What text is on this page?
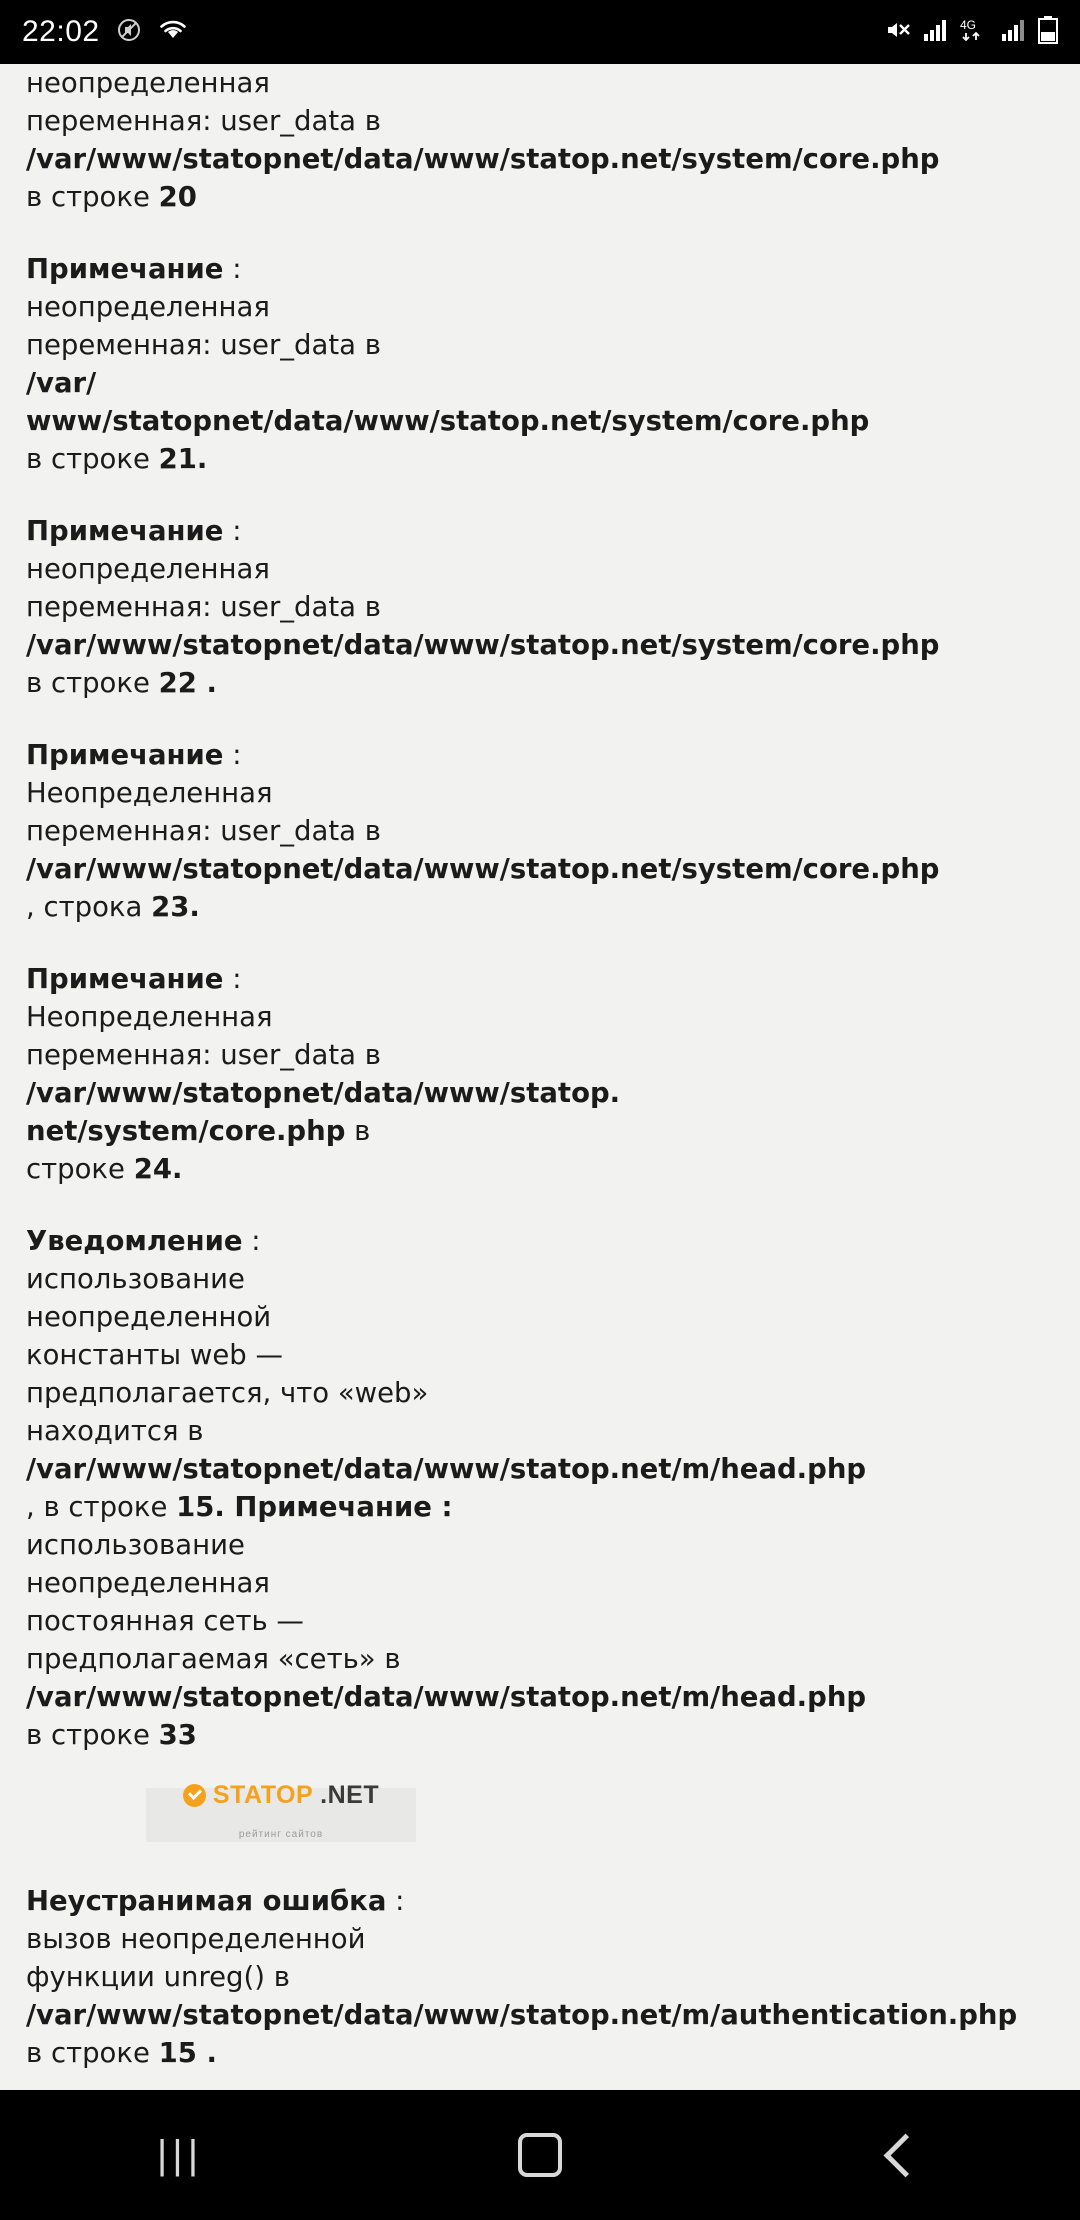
22:02	4G
неопределенная
переменная: user_data в
/var/www/statopnet/data/www/statop.net/system/core.php
в строке 20
Примечание :
неопределенная
переменная: user_data в
/var/
www/statopnet/data/www/statop.net/system/core.php
в строке 21.
Примечание :
неопределенная
переменная: user_data в
/var/www/statopnet/data/www/statop.net/system/core.php
в строке 22 .
Примечание :
Неопределенная
переменная: user_data в
/var/www/statopnet/data/www/statop.net/system/core.php
, строка 23.
Примечание :
Неопределенная
переменная: user_data в
/var/www/statopnet/data/www/statop.
net/system/core.php в
строке 24.
Уведомление :
использование
неопределенной
константы web —
предполагается, что «web»
находится в
/var/www/statopnet/data/www/statop.net/m/head.php
, в строке 15. Примечание :
использование
неопределенная
постоянная сеть —
предполагаемая «сеть» в
/var/www/statopnet/data/www/statop.net/m/head.php
в строке 33
STATOP .NET
рейтинг сайтов
Неустранимая ошибка :
вызов неопределенной
функции unreg() в
/var/www/statopnet/data/www/statop.net/m/authentication.php
в строке 15 .
|||
